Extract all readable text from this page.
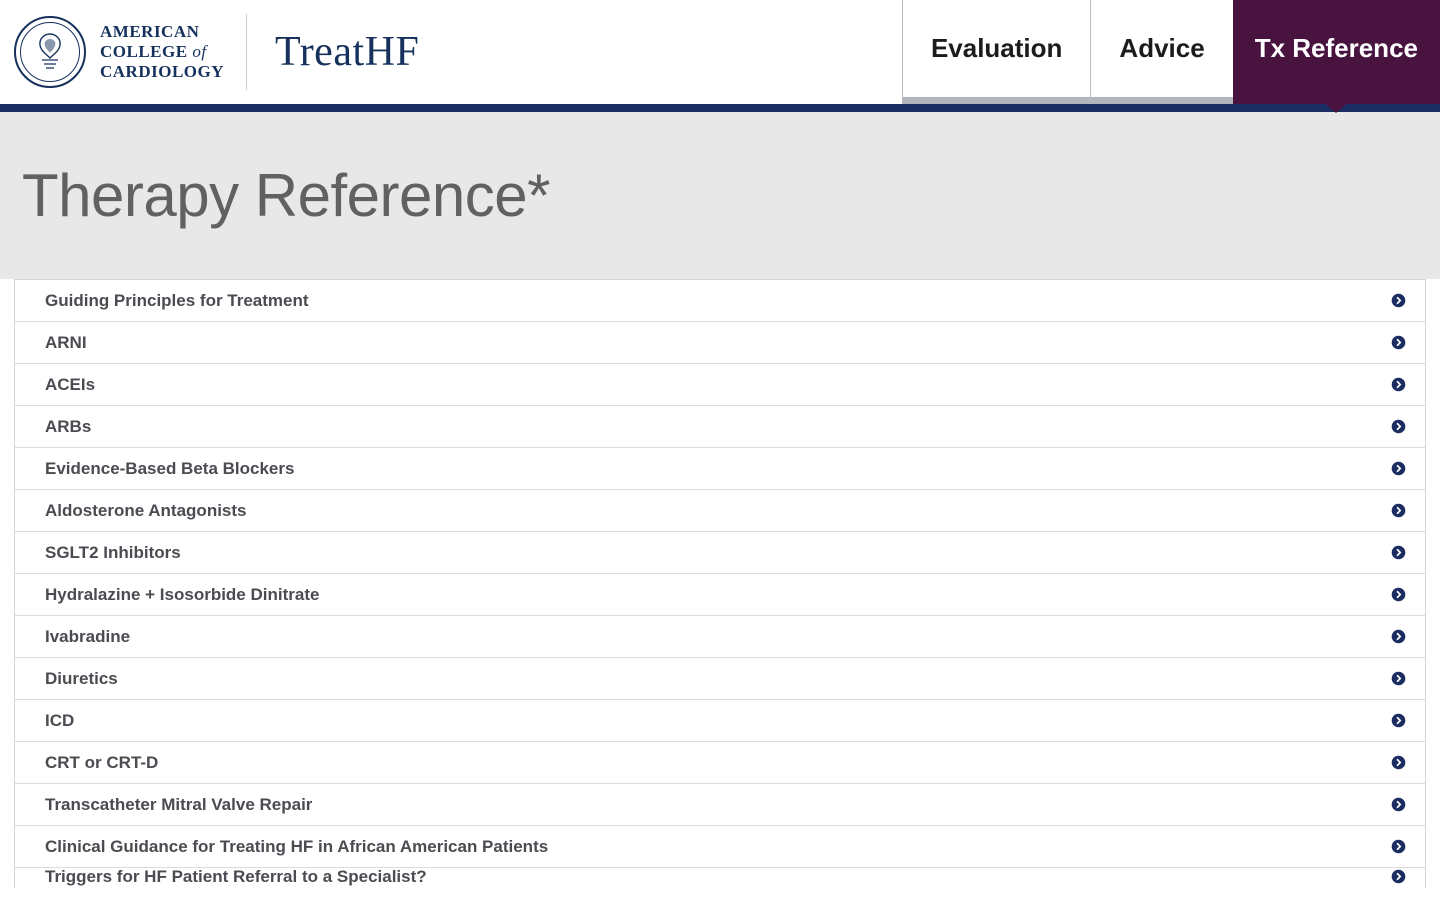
AMERICAN
COLLEGE of
CARDIOLOGY	TreatHF	Evaluation Advice Tx Reference
Therapy Reference*
Guiding Principles for Treatment
ARNI
ACEIs
ARBs
Evidence-Based Beta Blockers
Aldosterone Antagonists
SGLT2 Inhibitors
Hydralazine + Isosorbide Dinitrate
Ivabradine
Diuretics
ICD
CRT or CRT-D
Transcatheter Mitral Valve Repair
Clinical Guidance for Treating HF in African American Patients
Triggers for HF Patient Referral to a Specialist?
